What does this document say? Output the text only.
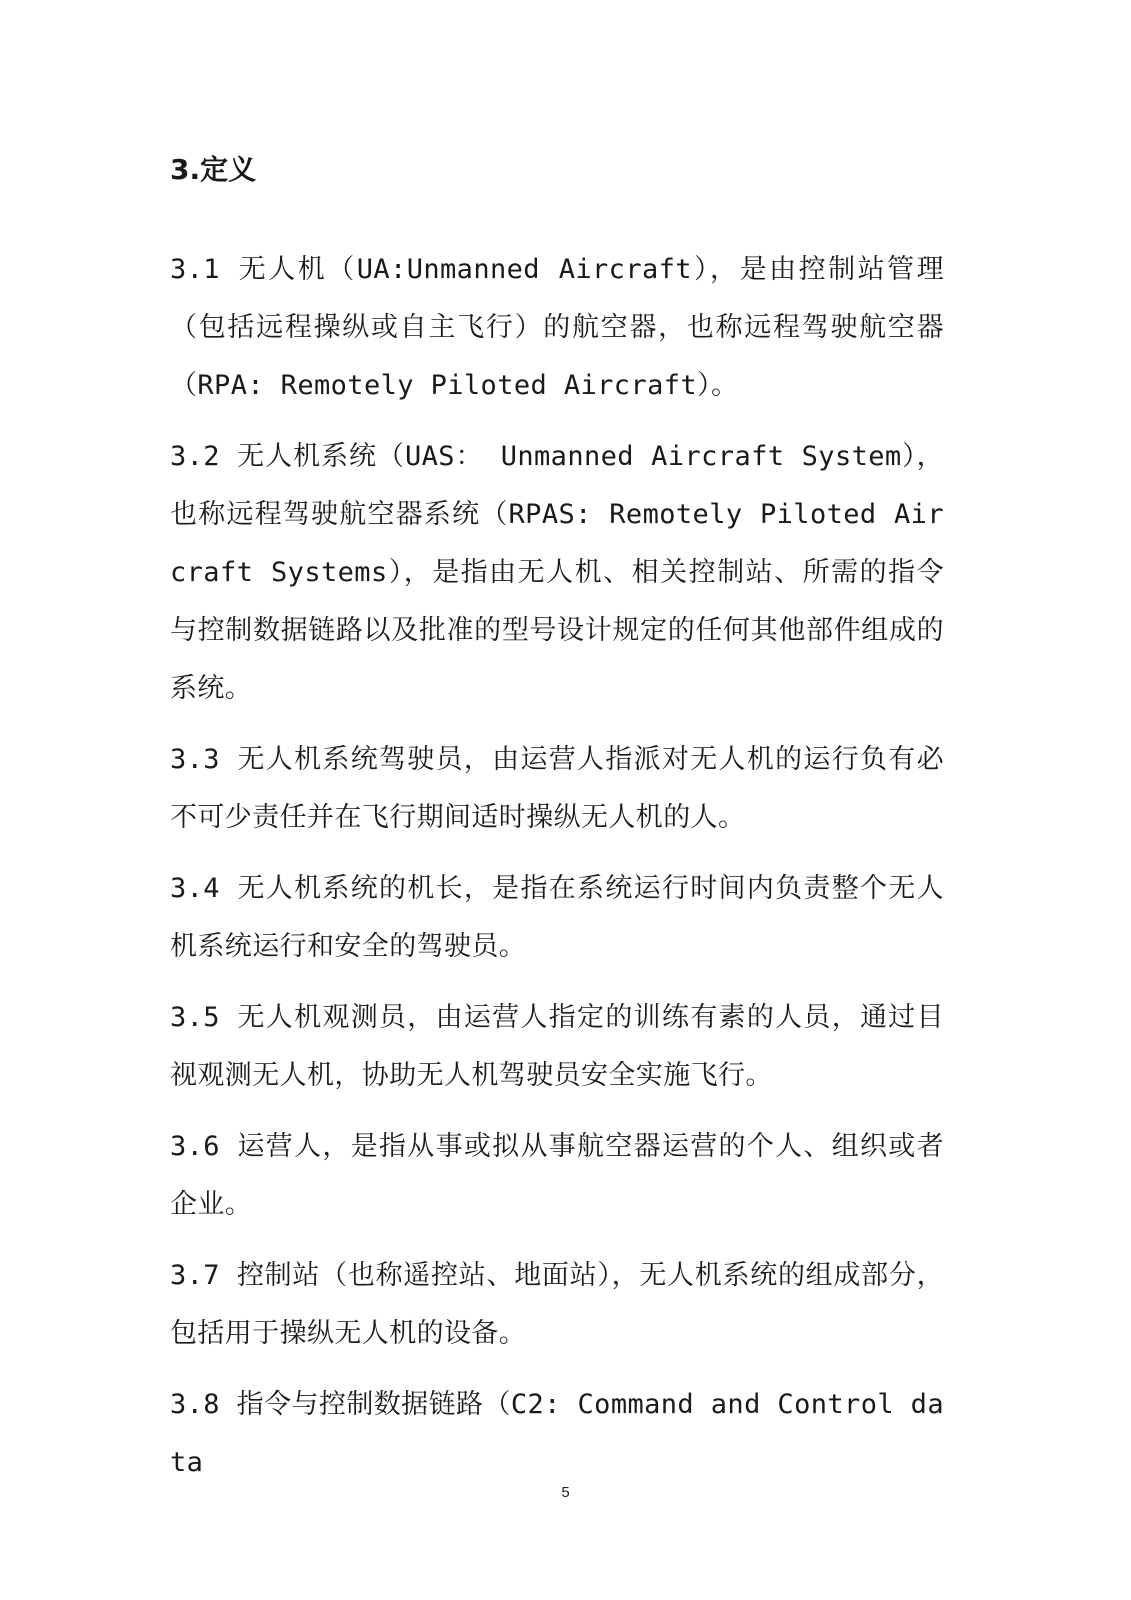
3.定义

3.1 无人机（UA:Unmanned Aircraft），是由控制站管理（包括远程操纵或自主飞行）的航空器，也称远程驾驶航空器（RPA: Remotely Piloted Aircraft）。

3.2 无人机系统（UAS： Unmanned Aircraft System），也称远程驾驶航空器系统（RPAS: Remotely Piloted Aircraft Systems），是指由无人机、相关控制站、所需的指令与控制数据链路以及批准的型号设计规定的任何其他部件组成的系统。

3.3 无人机系统驾驶员，由运营人指派对无人机的运行负有必不可少责任并在飞行期间适时操纵无人机的人。

3.4 无人机系统的机长，是指在系统运行时间内负责整个无人机系统运行和安全的驾驶员。

3.5 无人机观测员，由运营人指定的训练有素的人员，通过目视观测无人机，协助无人机驾驶员安全实施飞行。

3.6 运营人，是指从事或拟从事航空器运营的个人、组织或者企业。

3.7 控制站（也称遥控站、地面站），无人机系统的组成部分，包括用于操纵无人机的设备。

3.8 指令与控制数据链路（C2: Command and Control data

5
